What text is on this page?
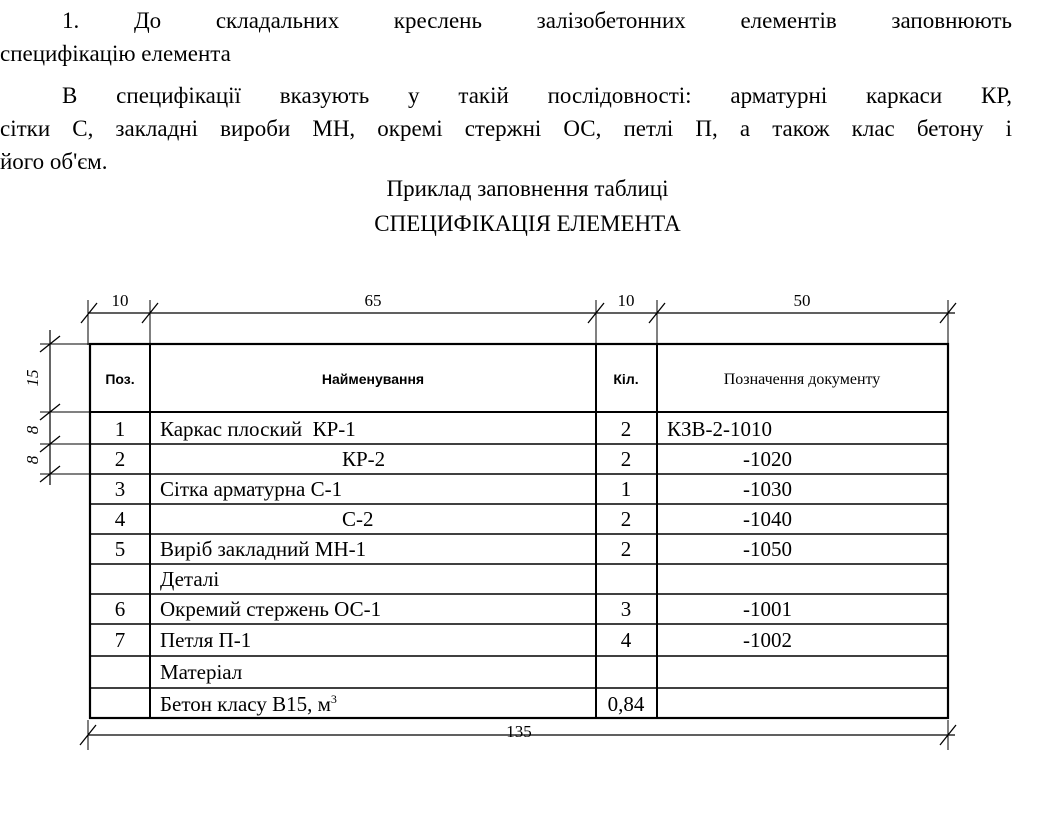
1. До складальних креслень залізобетонних елементів заповнюють

специфікацію елемента

В специфікації вказують у такій послідовності: арматурні каркаси КР,

сітки С, закладні вироби МН, окремі стержні ОС, петлі П, а також клас бетону і

його об'єм.

Приклад заповнення таблиці
СПЕЦИФІКАЦІЯ ЕЛЕМЕНТА
10	65	10	50
135
15
8
8
Поз.	Найменування	Кіл.	Позначення документу
1 Каркас плоский  КР-1	2 КЗВ-2-1010
2	КР-2	2	-1020
3 Сітка арматурна С-1	1	-1030
4	С-2	2	-1040
5 Виріб закладний МН-1	2	-1050
Деталі
6 Окремий стержень ОС-1	3	-1001
7 Петля П-1	4	-1002
Матеріал
Бетон класу В15, $м^3$	0,84
